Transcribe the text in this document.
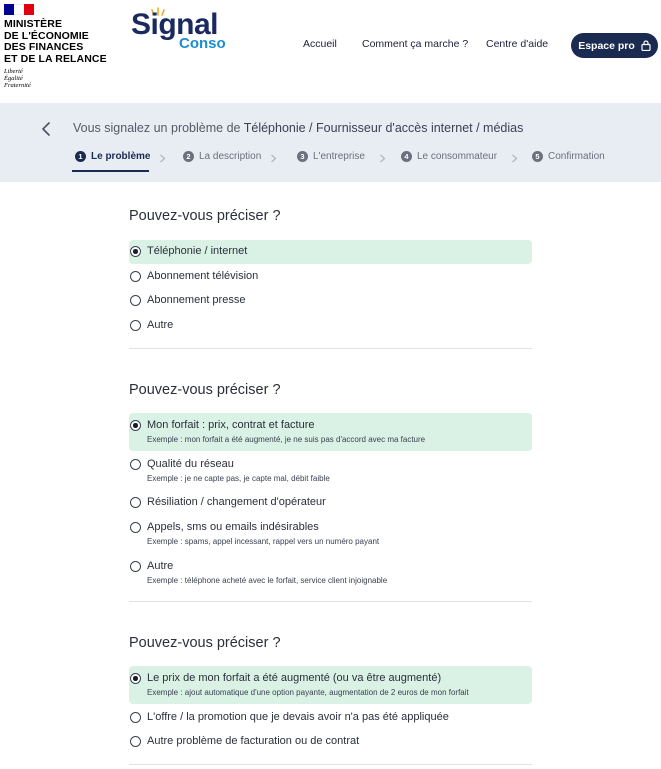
MINISTÈRE
DE L'ÉCONOMIE
DES FINANCES
ET DE LA RELANCE
Liberté
Égalité
Fraternité
Signal
Conso	Accueil Comment ça marche ? Centre d'aide	Espace pro
Vous signalez un problème de Téléphonie / Fournisseur d'accès internet / médias
1 Le problème	2 La description	3 L'entreprise	4 Le consommateur	5 Confirmation
Pouvez-vous préciser ?
Téléphonie / internet
Abonnement télévision
Abonnement presse
Autre
Pouvez-vous préciser ?
Mon forfait : prix, contrat et facture
Exemple : mon forfait a été augmenté, je ne suis pas d'accord avec ma facture
Qualité du réseau
Exemple : je ne capte pas, je capte mal, débit faible
Résiliation / changement d'opérateur
Appels, sms ou emails indésirables
Exemple : spams, appel incessant, rappel vers un numéro payant
Autre
Exemple : téléphone acheté avec le forfait, service client injoignable
Pouvez-vous préciser ?
Le prix de mon forfait a été augmenté (ou va être augmenté)
Exemple : ajout automatique d'une option payante, augmentation de 2 euros de mon forfait
L'offre / la promotion que je devais avoir n'a pas été appliquée
Autre problème de facturation ou de contrat
